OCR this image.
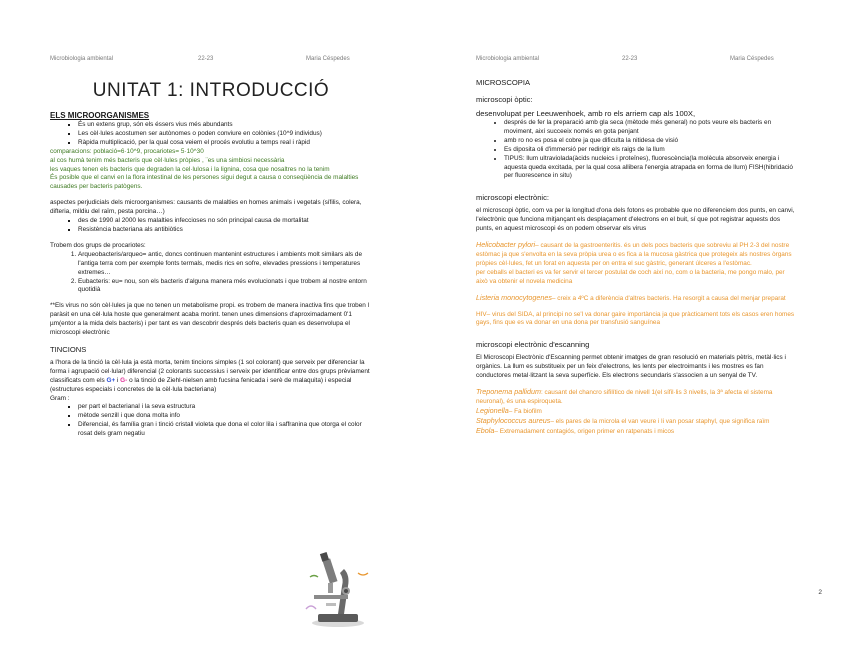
Microbiologia ambiental	22-23	Maria Céspedes
UNITAT 1: INTRODUCCIÓ
ELS MICROORGANISMES
▪ És un extens grup, són els éssers vius més abundants
▪ Les cèl·lules acostumen ser autònomes o poden conviure en colònies (10^9 individus)
▪ Ràpida multiplicació, per la qual cosa veiem el procés evolutiu a temps real i ràpid

comparacions: població=6·10^9, procariotes= 5·10^30

al cos humà tenim més bacteris que cèl·lules pròpies , ¨es una simbiosi necessària

les vaques tenen els bacteris que degraden la cel·lulosa i la lignina, cosa que nosaltres no la tenim

És posible que el canvi en la flora intestinal de les persones sigui degut a causa o conseqüència de malalties causades per bacteris patògens.

aspectes perjudicials dels microorganismes: causants de malalties en homes animals i vegetals (sífilis, colera, difteria, mildiu del raïm, pesta porcina…)

▪ des de 1990 al 2000 les malalties infeccioses no són principal causa de mortalitat
▪ Resistència bacteriana als antibiòtics

Trobem dos grups de procariotes:

1. Arqueobacteris/arqueo= antic, doncs continuen mantenint estructures i ambients molt similars als de l'antiga terra com per exemple fonts termals, medis rics en sofre, elevades pressions i temperatures extremes…
2. Eubacteris: eu= nou, son els bacteris d'alguna manera més evolucionats i que trobem al nostre entorn quotidià

**Els virus no són cèl·lules ja que no tenen un metabolisme propi. es trobem de manera inactiva fins que troben l paràsit en una cèl·lula hoste que generalment acaba morint. tenen unes dimensions d'aproximadament 0'1 µm(entor a la mida dels bacteris) i per tant es van descobrir després dels bacteris quan es desenvolupa el microscopi electrònic

TINCIONS

a l'hora de la tinció la cèl·lula ja està morta, tenim tincions simples (1 sol colorant) que serveix per diferenciar la forma i agrupació cel·lular) diferencial (2 colorants successius i serveix per identificar entre dos grups prèviament classificats com els G+ i G- o la tinció de Ziehl-nielsen amb fucsina fenicada i serè de malaquita) i especial (estructures especials i concretes de la cèl·lula bacteriana)

Gram :

▪ per part el bacterianal i la seva estructura
▪ mètode senzill i que dona molta info
▪ Diferencial, és família gran i tinció cristall violeta que dona el color lila i saffranina que otorga el color rosat dels gram negatiu
Microbiologia ambiental	22-23	Maria Céspedes
MICROSCOPIA
microscopi òptic:

desenvolupat per Leeuwenhoek, amb ro els arriem cap als 100X,

• després de fer la preparació amb gla seca (mètode més general) no pots veure els bacteris en moviment, així succeeix només en gota penjant
• amb ro no es posa el cobre ja que dificulta la nitidesa de visió
• Es diposita oli d'immersió per redirigir els raigs de la llum
• TIPUS: llum ultraviolada(àcids nucleics i proteïnes), fluorescència(la molècula absorveix energia i aquesta queda excitada, per la qual cosa allibera l'energia atrapada en forma de llum) FISH(hibridació per fluorescence in situ)
microscopi electrònic:

el microscopi òptic, com va per la longitud d'ona dels fotons es probable que no diferenciem dos punts, en canvi, l'electrònic que funciona mitjançant els desplaçament d'electrons en el buit, sí que pot registrar aquests dos punts, en aquest microscopi és on podem observar els virus

Helicobacter pylori– causant de la gastroenteritis. és un dels pocs bacteris que sobreviu al PH 2-3 del nostre estòmac ja que s'envolta en la seva pròpia urea o es fica a la mucosa gàstrica que protegeix als nostres òrgans pròpies cèl·lules, fet un forat en aquesta per on entra el suc gàstric, generant úlceres a l'estòmac.

per ceballs el bacteri es va fer servir el tercer postulat de coch així no, com o la bacteria, me pongo malo, per això va obtenir el novela medicina

Listeria monocytogenes– creix a 4ºC a diferència d'altres bacteris. Ha resorgit a causa del menjar preparat

HIV– virus del SIDA, al principi no se'l va donar gaire importància ja que pràcticament tots els casos eren homes gays, fins que es va donar en una dona per transfusió sanguínea

microscopi electrònic d'escanning

El Microscopi Electrònic d'Escanning permet obtenir imatges de gran resolució en materials pètris, metàl·lics i orgànics. La llum es substitueix per un feix d'electrons, les lents per electroimants i les mostres es fan conductores metal·litzant la seva superfície. Els electrons secundaris s'associen a un senyal de TV.

Treponema pallidum: causant del chancro sifilítico de nivell 1(el sífil·lis 3 nivells, la 3ª afecta el sistema neuronal), és una espiroqueta.

Legionella– Fa biofilm

Staphylococcus aureus– els pares de la microla el van veure i li van posar staphyl, que significa raïm

Ebola– Extremadament contagiós, origen primer en ratpenats i micos

2
